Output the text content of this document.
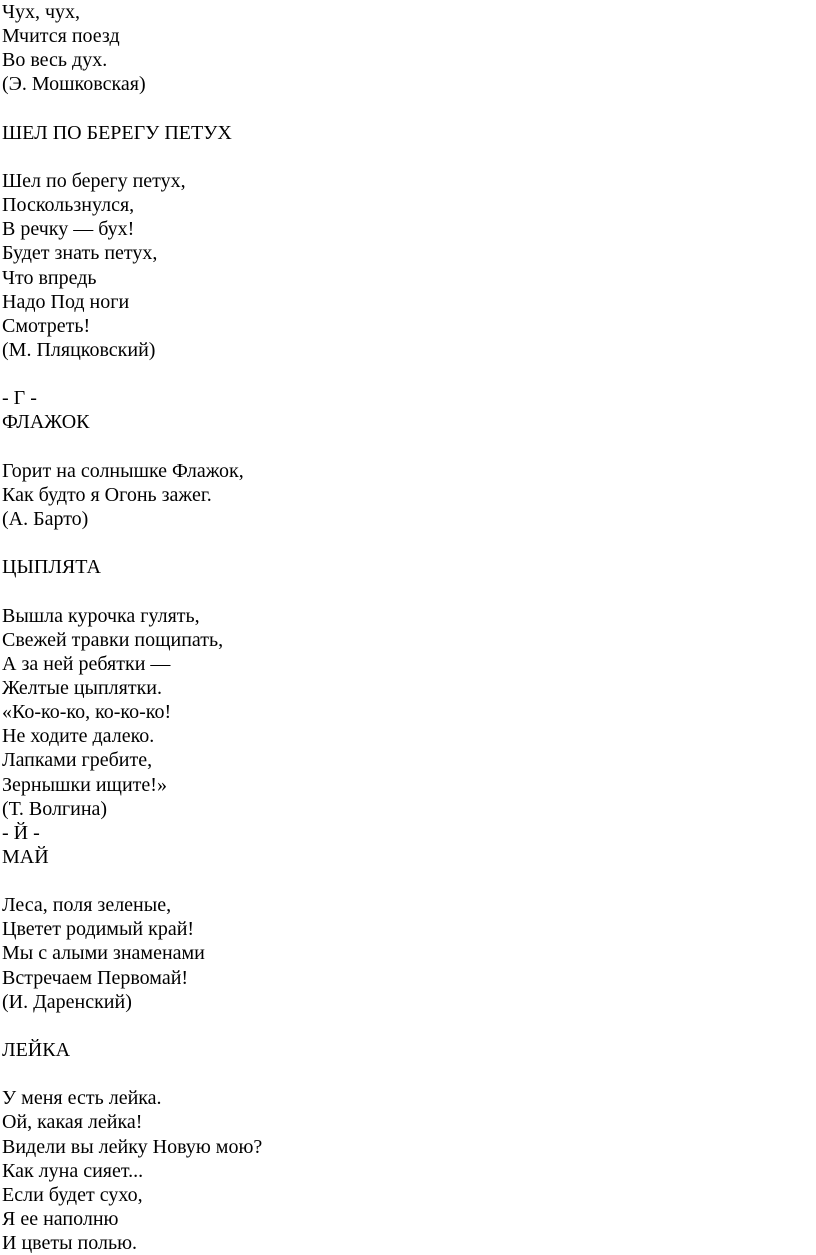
Чух, чух,
Мчится поезд
Во весь дух.
(Э. Мошковская)
ШЕЛ ПО БЕРЕГУ ПЕТУХ
Шел по берегу петух,
Поскользнулся,
В речку — бух!
Будет знать петух,
Что впредь
Надо Под ноги
Смотреть!
(М. Пляцковский)
- Г -
ФЛАЖОК
Горит на солнышке Флажок,
Как будто я Огонь зажег.
(А. Барто)
ЦЫПЛЯТА
Вышла курочка гулять,
Свежей травки пощипать,
А за ней ребятки —
Желтые цыплятки.
«Ко-ко-ко, ко-ко-ко!
Не ходите далеко.
Лапками гребите,
Зернышки ищите!»
(Т. Волгина)
- Й -
МАЙ
Леса, поля зеленые,
Цветет родимый край!
Мы с алыми знаменами
Встречаем Первомай!
(И. Даренский)
ЛЕЙКА
У меня есть лейка.
Ой, какая лейка!
Видели вы лейку Новую мою?
Как луна сияет...
Если будет сухо,
Я ее наполню
И цветы полью.
